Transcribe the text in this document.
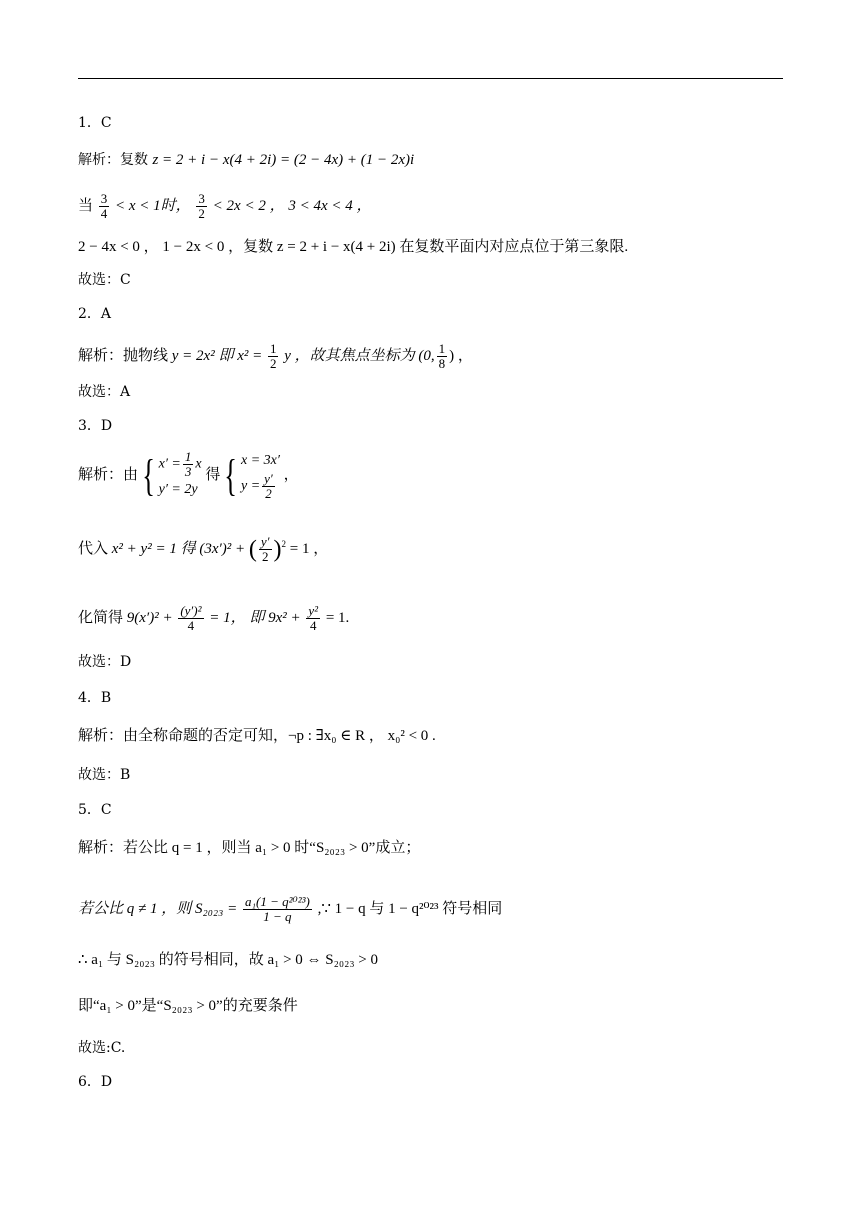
1．C
解析：复数 z = 2 + i − x(4 + 2i) = (2 − 4x) + (1 − 2x)i
当 $\frac{3}{4} < x < 1$时， $\frac{3}{2} < 2x < 2$ ， 3 < 4x < 4 ，
2 − 4x < 0 ， 1 − 2x < 0 ，复数 z = 2 + i − x(4 + 2i) 在复数平面内对应点位于第三象限.
故选：C
2．A
解析：抛物线 y = 2x² 即 $x^2 = \frac{1}{2}$ y ，故其焦点坐标为 (0, $\frac{1}{8}$ ) ，
故选：A
3．D
解析：由 { $x' = \frac{1}{3}$ x
y′ = 2y
得 { x = 3x′
$y = \frac{y'}{2}$ ，
代入 x² + y² = 1 得 (3x′)² + ( $\frac{y'}{2} )^2 = 1$ ，
化简得 $9(x')^2 + \frac{\text{(y′)²}}{4} = 1$， 即 $9x^2 + \frac{\text{y²}}{4} = 1$.
故选：D
4．B
解析：由全称命题的否定可知，¬p : ∃x₀ ∈ R ， x₀² < 0 .
故选：B
5．C
解析：若公比 q = 1 ，则当 a₁ > 0 时“S₂₀₂₃ > 0”成立；
若公比 q ≠ 1 ，则 $S_{2023} = \frac{\text{a₁(1 − q²⁰²³)}}{1 - q}$ ,∵ 1 − q 与 1 − q²⁰²³ 符号相同
∴ a₁ 与 S₂₀₂₃ 的符号相同，故 a₁ > 0 ⇔ S₂₀₂₃ > 0
即“a₁ > 0”是“S₂₀₂₃ > 0”的充要条件
故选:C.
6．D
